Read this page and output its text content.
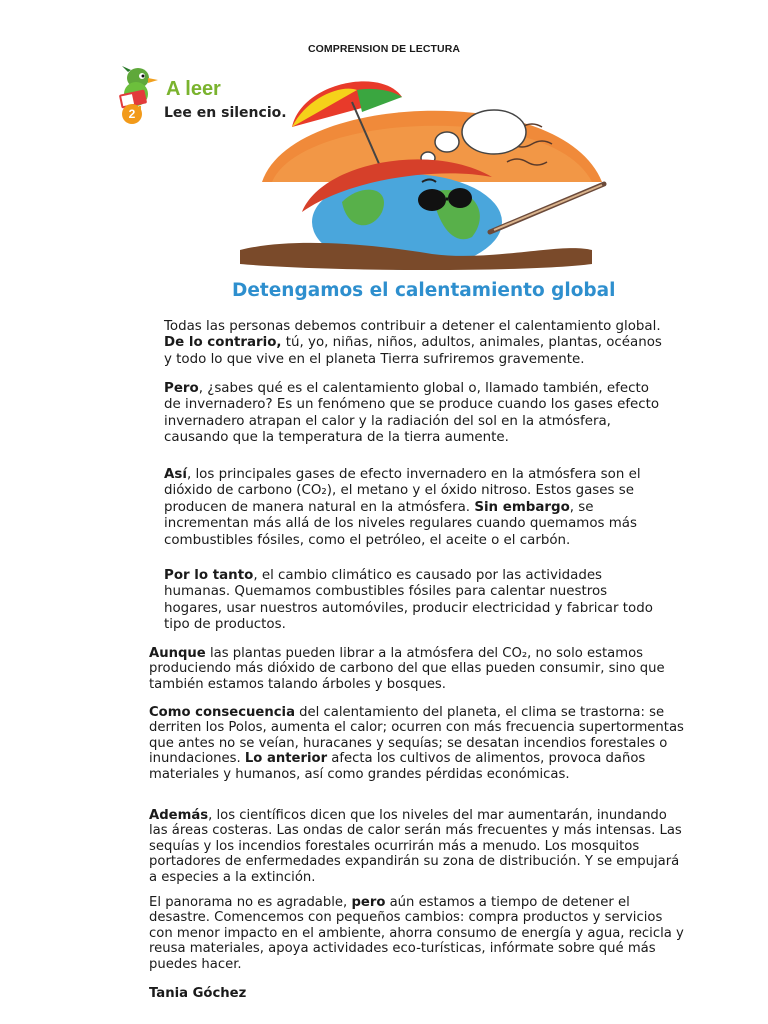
COMPRENSION DE LECTURA
A leer
2	Lee en silencio.
Detengamos el calentamiento global

Todas las personas debemos contribuir a detener el calentamiento global. De lo contrario, tú, yo, niñas, niños, adultos, animales, plantas, océanos y todo lo que vive en el planeta Tierra sufriremos gravemente.

Pero, ¿sabes qué es el calentamiento global o, llamado también, efecto de invernadero? Es un fenómeno que se produce cuando los gases efecto invernadero atrapan el calor y la radiación del sol en la atmósfera, causando que la temperatura de la tierra aumente.

Así, los principales gases de efecto invernadero en la atmósfera son el dióxido de carbono (CO₂), el metano y el óxido nitroso. Estos gases se producen de manera natural en la atmósfera. Sin embargo, se incrementan más allá de los niveles regulares cuando quemamos más combustibles fósiles, como el petróleo, el aceite o el carbón.

Por lo tanto, el cambio climático es causado por las actividades humanas. Quemamos combustibles fósiles para calentar nuestros hogares, usar nuestros automóviles, producir electricidad y fabricar todo tipo de productos.

Aunque las plantas pueden librar a la atmósfera del CO₂, no solo estamos produciendo más dióxido de carbono del que ellas pueden consumir, sino que también estamos talando árboles y bosques.

Como consecuencia del calentamiento del planeta, el clima se trastorna: se derriten los Polos, aumenta el calor; ocurren con más frecuencia supertormentas que antes no se veían, huracanes y sequías; se desatan incendios forestales o inundaciones. Lo anterior afecta los cultivos de alimentos, provoca daños materiales y humanos, así como grandes pérdidas económicas.

Además, los científicos dicen que los niveles del mar aumentarán, inundando las áreas costeras. Las ondas de calor serán más frecuentes y más intensas. Las sequías y los incendios forestales ocurrirán más a menudo. Los mosquitos portadores de enfermedades expandirán su zona de distribución. Y se empujará a especies a la extinción.

El panorama no es agradable, pero aún estamos a tiempo de detener el desastre. Comencemos con pequeños cambios: compra productos y servicios con menor impacto en el ambiente, ahorra consumo de energía y agua, recicla y reusa materiales, apoya actividades eco-turísticas, infórmate sobre qué más puedes hacer.

Tania Góchez
